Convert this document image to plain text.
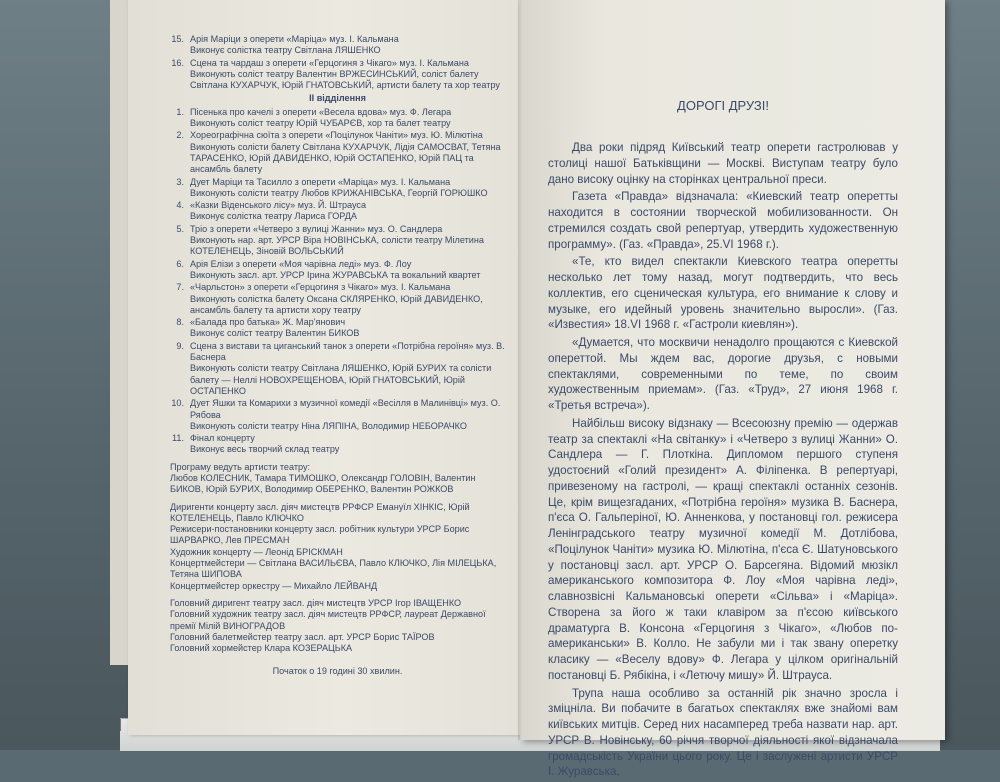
15. Арія Маріци з оперети «Маріца» муз. І. Кальмана
Виконує солістка театру Світлана ЛЯШЕНКО
16. Сцена та чардаш з оперети «Герцогиня з Чікаго» муз. І. Кальмана
Виконують соліст театру Валентин ВРЖЕСИНСЬКИЙ, соліст балету Світлана КУХАРЧУК, Юрій ГНАТОВСЬКИЙ, артисти балету та хор театру
II відділення
1. Пісенька про качелі з оперети «Весела вдова» муз. Ф. Легара
Виконують соліст театру Юрій ЧУБАРЄВ, хор та балет театру
2. Хореографічна сюїта з оперети «Поцілунок Чаніти» муз. Ю. Мілютіна
Виконують солісти балету Світлана КУХАРЧУК, Лідія САМОСВАТ, Тетяна ТАРАСЕНКО, Юрій ДАВИДЕНКО, Юрій ОСТАПЕНКО, Юрій ПАЦ та ансамбль балету
3. Дует Маріци та Тасилло з оперети «Маріца» муз. І. Кальмана
Виконують солісти театру Любов КРИЖАНІВСЬКА, Георгій ГОРЮШКО
4. «Казки Віденського лісу» муз. Й. Штрауса
Виконує солістка театру Лариса ГОРДА
5. Тріо з оперети «Четверо з вулиці Жанни» муз. О. Сандлера
Виконують нар. арт. УРСР Віра НОВІНСЬКА, солісти театру Мілетина КОТЕЛЕНЕЦЬ, Зіновій ВОЛЬСЬКИЙ
6. Арія Елізи з оперети «Моя чарівна леді» муз. Ф. Лоу
Виконують засл. арт. УРСР Ірина ЖУРАВСЬКА та вокальний квартет
7. «Чарльстон» з оперети «Герцогиня з Чікаго» муз. І. Кальмана
Виконують солістка балету Оксана СКЛЯРЕНКО, Юрій ДАВИДЕНКО, ансамбль балету та артисти хору театру
8. «Балада про батька» Ж. Мар'янович
Виконує соліст театру Валентин БИКОВ
9. Сцена з вистави та циганський танок з оперети «Потрібна героїня» муз. В. Баснера
Виконують солісти театру Світлана ЛЯШЕНКО, Юрій БУРИХ та солісти балету — Неллі НОВОХРЕЩЕНОВА, Юрій ГНАТОВСЬКИЙ, Юрій ОСТАПЕНКО
10. Дует Яшки та Комарихи з музичної комедії «Весілля в Малинівці» муз. О. Рябова
Виконують солісти театру Ніна ЛЯПІНА, Володимир НЕБОРАЧКО
11. Фінал концерту
Виконує весь творчий склад театру
Програму ведуть артисти театру:
Любов КОЛЕСНИК, Тамара ТИМОШКО, Олександр ГОЛОВІН, Валентин БИКОВ, Юрій БУРИХ, Володимир ОБЕРЕНКО, Валентин РОЖКОВ
Диригенти концерту засл. діяч мистецтв РРФСР Емануїл ХІНКІС, Юрій КОТЕЛЕНЕЦЬ, Павло КЛЮЧКО
Режисери-постановники концерту засл. робітник культури УРСР Борис ШАРВАРКО, Лев ПРЕСМАН
Художник концерту — Леонід БРІСКМАН
Концертмейстери — Світлана ВАСИЛЬЄВА, Павло КЛЮЧКО, Лія МІЛЕЦЬКА, Тетяна ШИПОВА
Концертмейстер оркестру — Михайло ЛЕЙВАНД
Головний диригент театру засл. діяч мистецтв УРСР Ігор ІВАЩЕНКО
Головний художник театру засл. діяч мистецтв РРФСР, лауреат Державної премії Мілій ВИНОГРАДОВ
Головний балетмейстер театру засл. арт. УРСР Борис ТАЇРОВ
Головний хормейстер Клара КОЗЕРАЦЬКА
Початок о 19 годині 30 хвилин.
ДОРОГІ ДРУЗІ!

Два роки підряд Київський театр оперети гастролював у столиці нашої Батьківщини — Москві. Виступам театру було дано високу оцінку на сторінках центральної преси.

Газета «Правда» відзначала: «Киевский театр оперетты находится в состоянии творческой мобилизованности. Он стремился создать свой репертуар, утвердить художественную программу». (Газ. «Правда», 25.VI 1968 г.).

«Те, кто видел спектакли Киевского театра оперетты несколько лет тому назад, могут подтвердить, что весь коллектив, его сценическая культура, его внимание к слову и музыке, его идейный уровень значительно выросли». (Газ. «Известия» 18.VI 1968 г. «Гастроли киевлян»).

«Думается, что москвичи ненадолго прощаются с Киевской опереттой. Мы ждем вас, дорогие друзья, с новыми спектаклями, современными по теме, по своим художественным приемам». (Газ. «Труд», 27 июня 1968 г. «Третья встреча»).

Найбільш високу відзнаку — Всесоюзну премію — одержав театр за спектаклі «На світанку» і «Четверо з вулиці Жанни» О. Сандлера — Г. Плоткіна. Дипломом першого ступеня удостоєний «Голий президент» А. Філіпенка. В репертуарі, привезеному на гастролі, — кращі спектаклі останніх сезонів. Це, крім вищезгаданих, «Потрібна героїня» музика В. Баснера, п'єса О. Гальперіної, Ю. Анненкова, у постановці гол. режисера Ленінградського театру музичної комедії М. Дотлібова, «Поцілунок Чаніти» музика Ю. Мілютіна, п'єса Є. Шатуновського у постановці засл. арт. УРСР О. Барсегяна. Відомий мюзікл американського композитора Ф. Лоу «Моя чарівна леді», славнозвісні Кальмановські оперети «Сільва» і «Маріца». Створена за його ж таки клавіром за п'єсою київського драматурга В. Консона «Герцогиня з Чікаго», «Любов по-американськи» В. Колло. Не забули ми і так звану оперетку класику — «Веселу вдову» Ф. Легара у цілком оригінальній постановці Б. Рябікіна, і «Летючу мишу» Й. Штрауса.

Трупа наша особливо за останній рік значно зросла і зміцніла. Ви побачите в багатьох спектаклях вже знайомі вам київських митців. Серед них насамперед треба назвати нар. арт. УРСР В. Новінську, 60 річчя творчої діяльності якої відзначала громадськість України цього року. Це і заслужені артисти УРСР І. Журавська,
